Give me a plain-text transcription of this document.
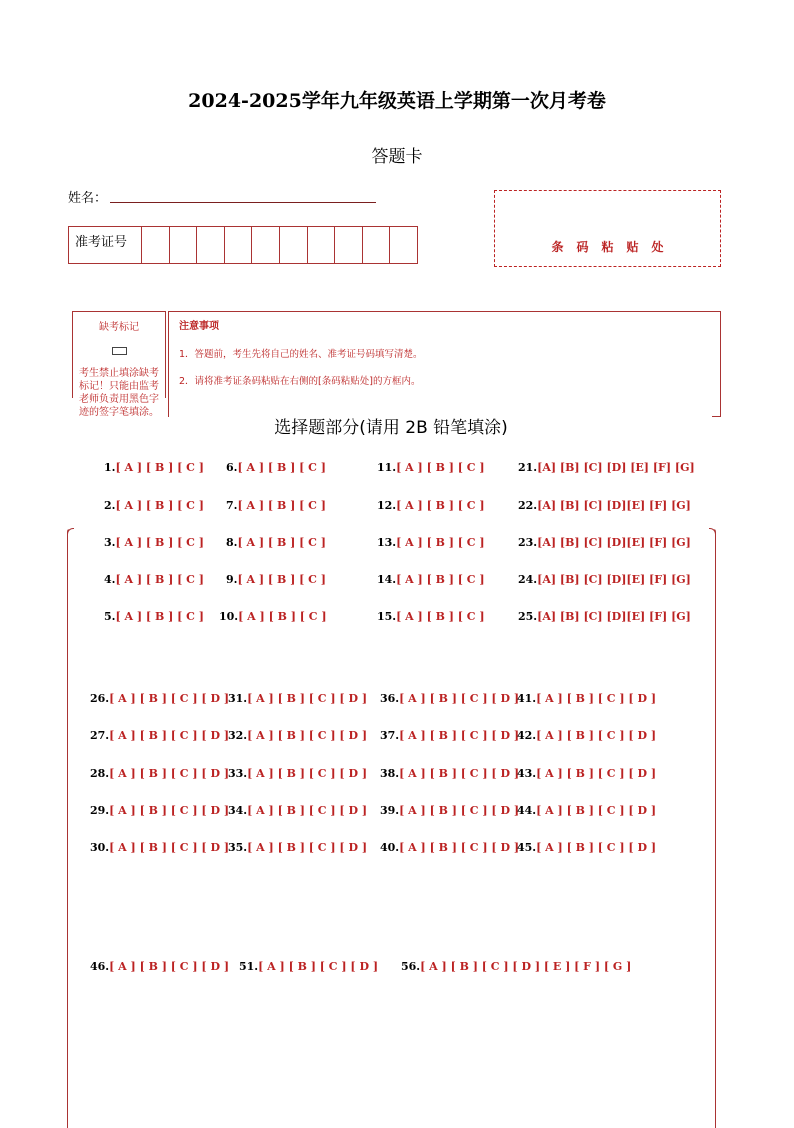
2024-2025学年九年级英语上学期第一次月考卷
答题卡
姓名：
准考证号	条码粘贴处
缺考标记
考生禁止填涂缺考标记！只能由监考老师负责用黑色字迹的签字笔填涂。
注意事项
1．答题前，考生先将自己的姓名、准考证号码填写清楚。
2．请将准考证条码粘贴在右侧的[条码粘贴处]的方框内。
选择题部分(请用 2B 铅笔填涂)
1.[ A ] [ B ] [ C ]
2.[ A ] [ B ] [ C ]
3.[ A ] [ B ] [ C ]
4.[ A ] [ B ] [ C ]
5.[ A ] [ B ] [ C ]
6.[ A ] [ B ] [ C ]
7.[ A ] [ B ] [ C ]
8.[ A ] [ B ] [ C ]
9.[ A ] [ B ] [ C ]
10.[ A ] [ B ] [ C ]
11.[ A ] [ B ] [ C ]
12.[ A ] [ B ] [ C ]
13.[ A ] [ B ] [ C ]
14.[ A ] [ B ] [ C ]
15.[ A ] [ B ] [ C ]
21.[A] [B] [C] [D] [E] [F] [G]
22.[A] [B] [C] [D][E] [F] [G]
23.[A] [B] [C] [D][E] [F] [G]
24.[A] [B] [C] [D][E] [F] [G]
25.[A] [B] [C] [D][E] [F] [G]
26.[ A ] [ B ] [ C ] [ D ]
27.[ A ] [ B ] [ C ] [ D ]
28.[ A ] [ B ] [ C ] [ D ]
29.[ A ] [ B ] [ C ] [ D ]
30.[ A ] [ B ] [ C ] [ D ]
31.[ A ] [ B ] [ C ] [ D ]
32.[ A ] [ B ] [ C ] [ D ]
33.[ A ] [ B ] [ C ] [ D ]
34.[ A ] [ B ] [ C ] [ D ]
35.[ A ] [ B ] [ C ] [ D ]
36.[ A ] [ B ] [ C ] [ D ]
37.[ A ] [ B ] [ C ] [ D ]
38.[ A ] [ B ] [ C ] [ D ]
39.[ A ] [ B ] [ C ] [ D ]
40.[ A ] [ B ] [ C ] [ D ]
41.[ A ] [ B ] [ C ] [ D ]
42.[ A ] [ B ] [ C ] [ D ]
43.[ A ] [ B ] [ C ] [ D ]
44.[ A ] [ B ] [ C ] [ D ]
45.[ A ] [ B ] [ C ] [ D ]
46.[ A ] [ B ] [ C ] [ D ] 51.[ A ] [ B ] [ C ] [ D ] 56.[ A ] [ B ] [ C ] [ D ] [ E ] [ F ] [ G ]
